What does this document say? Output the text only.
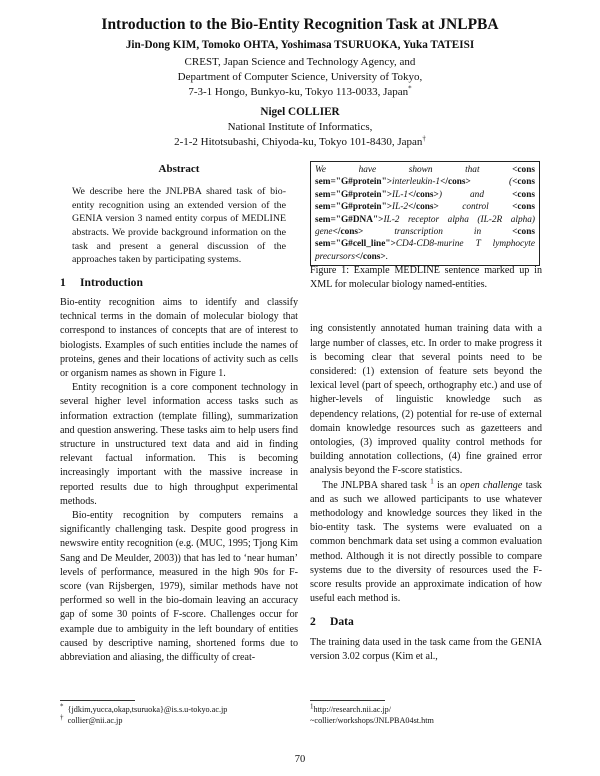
Introduction to the Bio-Entity Recognition Task at JNLPBA
Jin-Dong KIM, Tomoko OHTA, Yoshimasa TSURUOKA, Yuka TATEISI
CREST, Japan Science and Technology Agency, and
Department of Computer Science, University of Tokyo,
7-3-1 Hongo, Bunkyo-ku, Tokyo 113-0033, Japan*
Nigel COLLIER
National Institute of Informatics,
2-1-2 Hitotsubashi, Chiyoda-ku, Tokyo 101-8430, Japan†

Abstract

We describe here the JNLPBA shared task of bio-entity recognition using an extended version of the GENIA version 3 named entity corpus of MEDLINE abstracts. We provide background information on the task and present a general discussion of the approaches taken by participating systems.

1 Introduction

Bio-entity recognition aims to identify and classify technical terms in the domain of molecular biology that correspond to instances of concepts that are of interest to biologists. Examples of such entities include the names of proteins, genes and their locations of activity such as cells or organism names as shown in Figure 1.

Entity recognition is a core component technology in several higher level information access tasks such as information extraction (template filling), summarization and question answering. These tasks aim to help users find structure in unstructured text data and aid in finding relevant factual information. This is becoming increasingly important with the massive increase in reported results due to high throughput experimental methods.

Bio-entity recognition by computers remains a significantly challenging task. Despite good progress in newswire entity recognition (e.g. (MUC, 1995; Tjong Kim Sang and De Meulder, 2003)) that has led to ‘near human’ levels of performance, measured in the high 90s for F-score (van Rijsbergen, 1979), similar methods have not performed so well in the bio-domain leaving an accuracy gap of some 30 points of F-score. Challenges occur for example due to ambiguity in the left boundary of entities caused by descriptive naming, shortened forms due to abbreviation and aliasing, the difficulty of creat-

We have shown that <cons sem="G#protein">interleukin-1</cons> (<cons sem="G#protein">IL-1</cons>) and <cons sem="G#protein">IL-2</cons> control <cons sem="G#DNA">IL-2 receptor alpha (IL-2R alpha) gene</cons> transcription in <cons sem="G#cell_line">CD4-CD8-murine T lymphocyte precursors</cons>.

Figure 1: Example MEDLINE sentence marked up in XML for molecular biology named-entities.

ing consistently annotated human training data with a large number of classes, etc. In order to make progress it is becoming clear that several points need to be considered: (1) extension of feature sets beyond the lexical level (part of speech, orthography etc.) and use of higher-levels of linguistic knowledge such as dependency relations, (2) potential for re-use of external domain knowledge resources such as gazetteers and ontologies, (3) improved quality control methods for building annotation collections, (4) fine grained error analysis beyond the F-score statistics.

The JNLPBA shared task $^1$ is an open challenge task and as such we allowed participants to use whatever methodology and knowledge sources they liked in the bio-entity task. The systems were evaluated on a common benchmark data set using a common evaluation method. Although it is not directly possible to compare systems due to the diversity of resources used the F-score results provide an approximate indication of how useful each method is.

2 Data

The training data used in the task came from the GENIA version 3.02 corpus (Kim et al.,

* {jdkim,yucca,okap,tsuruoka}@is.s.u-tokyo.ac.jp
† collier@nii.ac.jp
$^1$http://research.nii.ac.jp/
~collier/workshops/JNLPBA04st.htm
70
